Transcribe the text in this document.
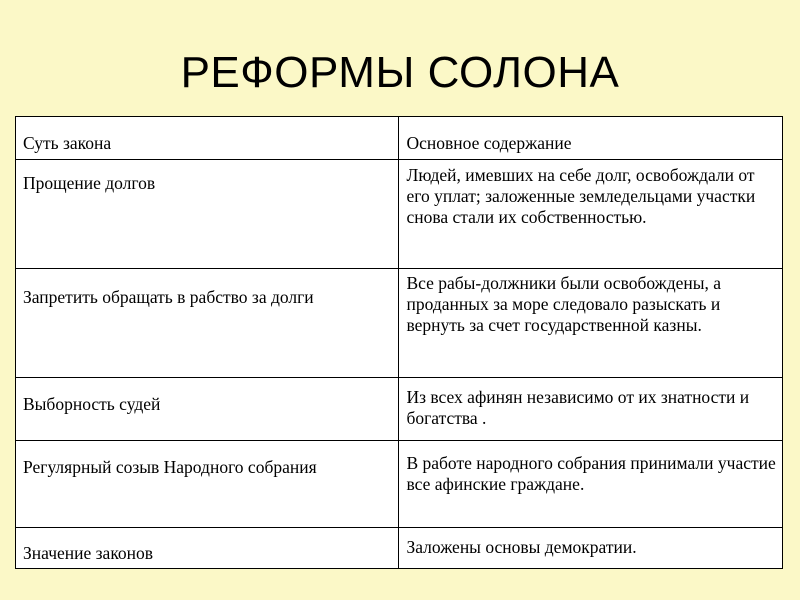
РЕФОРМЫ СОЛОНА
Суть закона	Основное содержание

Прощение долгов	Людей, имевших на себе долг, освобождали от его уплат; заложенные земледельцами участки снова стали их собственностью.

Запретить обращать в рабство за долги	Все рабы-должники были освобождены, а проданных за море следовало разыскать и вернуть за счет государственной казны.

Выборность судей	Из всех афинян независимо от их знатности и богатства .

Регулярный созыв Народного собрания	В работе народного собрания принимали участие все афинские граждане.

Значение законов	Заложены основы демократии.
